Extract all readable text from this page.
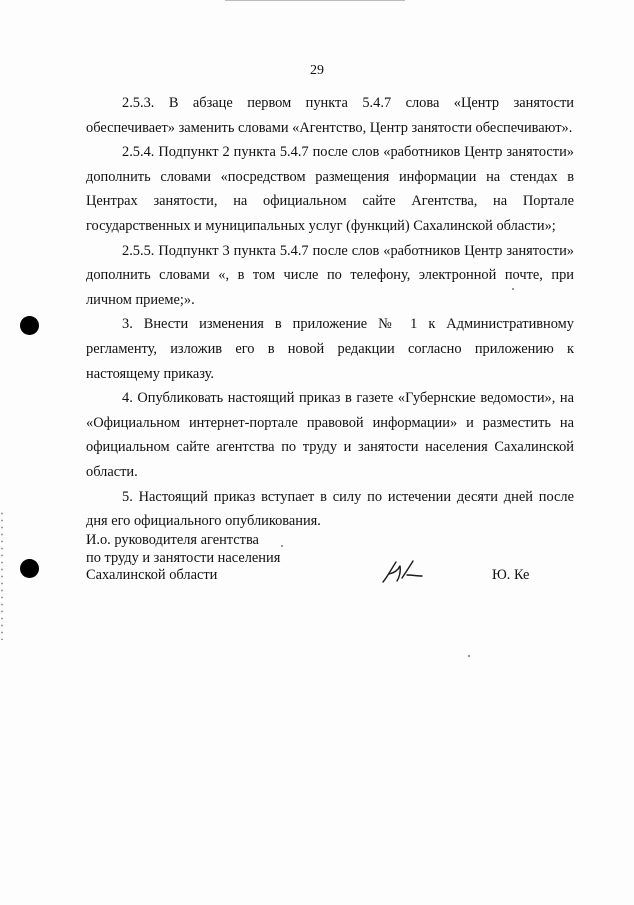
29

2.5.3. В абзаце первом пункта 5.4.7 слова «Центр занятости обеспечивает» заменить словами «Агентство, Центр занятости обеспечивают».

2.5.4. Подпункт 2 пункта 5.4.7 после слов «работников Центр занятости» дополнить словами «посредством размещения информации на стендах в Центрах занятости, на официальном сайте Агентства, на Портале государственных и муниципальных услуг (функций) Сахалинской области»;

2.5.5. Подпункт 3 пункта 5.4.7 после слов «работников Центр занятости» дополнить словами «, в том числе по телефону, электронной почте, при личном приеме;».

3. Внести изменения в приложение № 1 к Административному регламенту, изложив его в новой редакции согласно приложению к настоящему приказу.

4. Опубликовать настоящий приказ в газете «Губернские ведомости», на «Официальном интернет-портале правовой информации» и разместить на официальном сайте агентства по труду и занятости населения Сахалинской области.

5. Настоящий приказ вступает в силу по истечении десяти дней после дня его официального опубликования.

И.о. руководителя агентства
по труду и занятости населения
Сахалинской области	Ю. Ке
